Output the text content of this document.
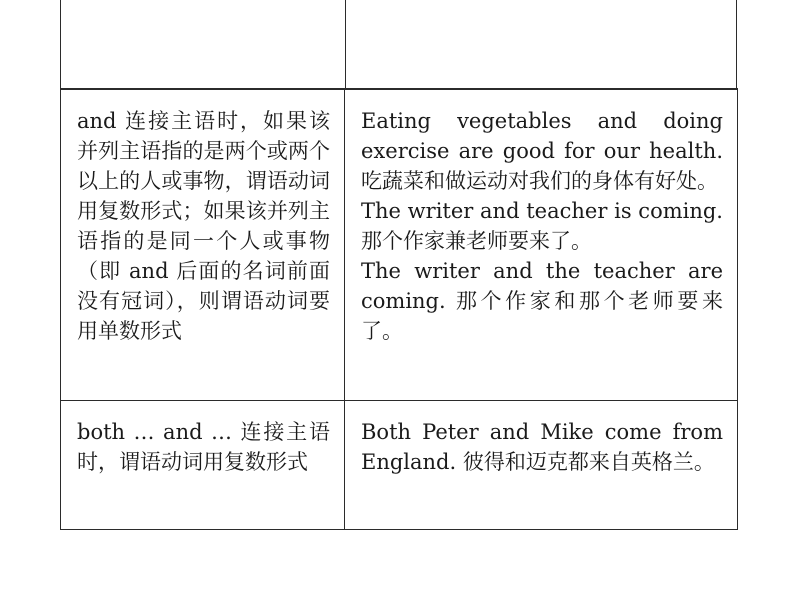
and 连接主语时，如果该并列主语指的是两个或两个以上的人或事物，谓语动词用复数形式；如果该并列主语指的是同一个人或事物（即 and 后面的名词前面没有冠词），则谓语动词要用单数形式	Eating vegetables and doing exercise are good for our health. 吃蔬菜和做运动对我们的身体有好处。
The writer and teacher is coming. 那个作家兼老师要来了。
The writer and the teacher are coming. 那个作家和那个老师要来了。

both … and … 连接主语时，谓语动词用复数形式	Both Peter and Mike come from England. 彼得和迈克都来自英格兰。
